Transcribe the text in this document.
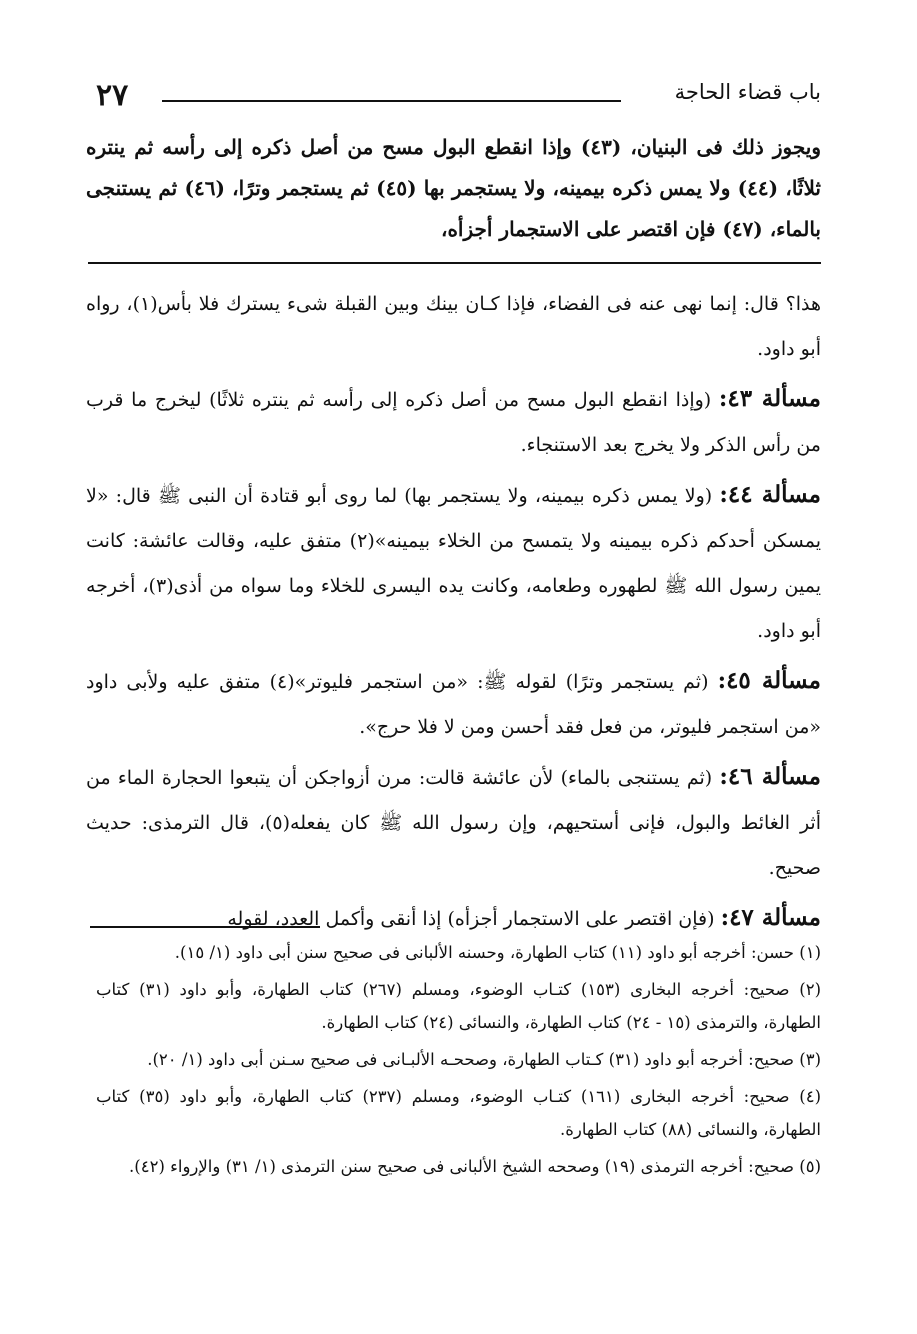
باب قضاء الحاجة
٢٧

ويجوز ذلك فى البنيان، (٤٣) وإذا انقطع البول مسح من أصل ذكره إلى رأسه ثم ينتره ثلاثًا، (٤٤) ولا يمس ذكره بيمينه، ولا يستجمر بها (٤٥) ثم يستجمر وترًا، (٤٦) ثم يستنجى بالماء، (٤٧) فإن اقتصر على الاستجمار أجزأه،

هذا؟ قال: إنما نهى عنه فى الفضاء، فإذا كـان بينك وبين القبلة شىء يسترك فلا بأس(١)، رواه أبو داود.

مسألة ٤٣: (وإذا انقطع البول مسح من أصل ذكره إلى رأسه ثم ينتره ثلاثًا) ليخرج ما قرب من رأس الذكر ولا يخرج بعد الاستنجاء.

مسألة ٤٤: (ولا يمس ذكره بيمينه، ولا يستجمر بها) لما روى أبو قتادة أن النبى ﷺ قال: «لا يمسكن أحدكم ذكره بيمينه ولا يتمسح من الخلاء بيمينه»(٢) متفق عليه، وقالت عائشة: كانت يمين رسول الله ﷺ لطهوره وطعامه، وكانت يده اليسرى للخلاء وما سواه من أذى(٣)، أخرجه أبو داود.

مسألة ٤٥: (ثم يستجمر وترًا) لقوله ﷺ: «من استجمر فليوتر»(٤) متفق عليه ولأبى داود «من استجمر فليوتر، من فعل فقد أحسن ومن لا فلا حرج».

مسألة ٤٦: (ثم يستنجى بالماء) لأن عائشة قالت: مرن أزواجكن أن يتبعوا الحجارة الماء من أثر الغائط والبول، فإنى أستحيهم، وإن رسول الله ﷺ كان يفعله(٥)، قال الترمذى: حديث صحيح.

مسألة ٤٧: (فإن اقتصر على الاستجمار أجزأه) إذا أنقى وأكمل العدد، لقوله

(١) حسن: أخرجه أبو داود (١١) كتاب الطهارة، وحسنه الألبانى فى صحيح سنن أبى داود (١/ ١٥).

(٢) صحيح: أخرجه البخارى (١٥٣) كتـاب الوضوء، ومسلم (٢٦٧) كتاب الطهارة، وأبو داود (٣١) كتاب الطهارة، والترمذى (١٥ - ٢٤) كتاب الطهارة، والنسائى (٢٤) كتاب الطهارة.

(٣) صحيح: أخرجه أبو داود (٣١) كـتاب الطهارة، وصححـه الألبـانى فى صحيح سـنن أبى داود (١/ ٢٠).

(٤) صحيح: أخرجه البخارى (١٦١) كتـاب الوضوء، ومسلم (٢٣٧) كتاب الطهارة، وأبو داود (٣٥) كتاب الطهارة، والنسائى (٨٨) كتاب الطهارة.

(٥) صحيح: أخرجه الترمذى (١٩) وصححه الشيخ الألبانى فى صحيح سنن الترمذى (١/ ٣١) والإرواء (٤٢).
